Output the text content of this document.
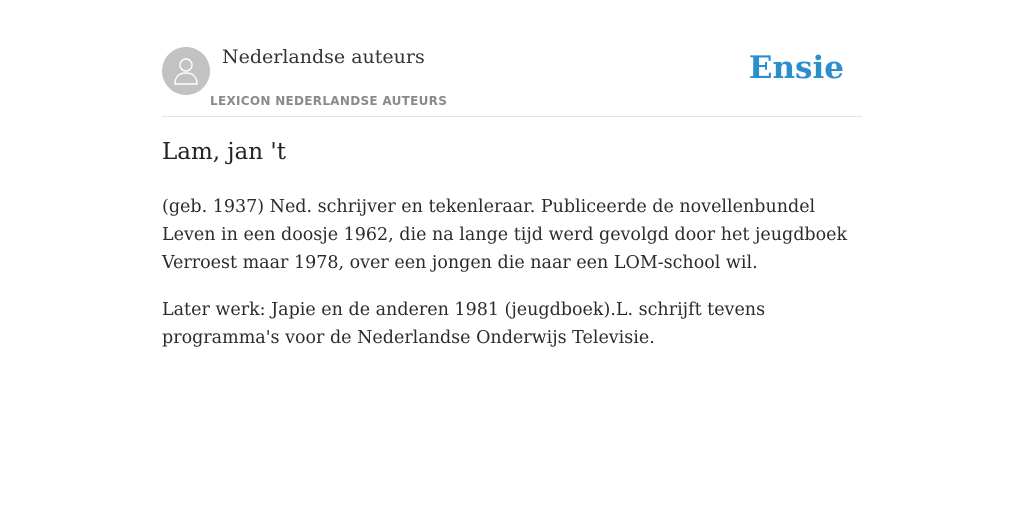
Nederlandse auteurs
LEXICON NEDERLANDSE AUTEURS
Ensie
Lam, jan 't

(geb. 1937) Ned. schrijver en tekenleraar. Publiceerde de novellenbundel Leven in een doosje 1962, die na lange tijd werd gevolgd door het jeugdboek Verroest maar 1978, over een jongen die naar een LOM-school wil.

Later werk: Japie en de anderen 1981 (jeugdboek).L. schrijft tevens programma's voor de Nederlandse Onderwijs Televisie.
